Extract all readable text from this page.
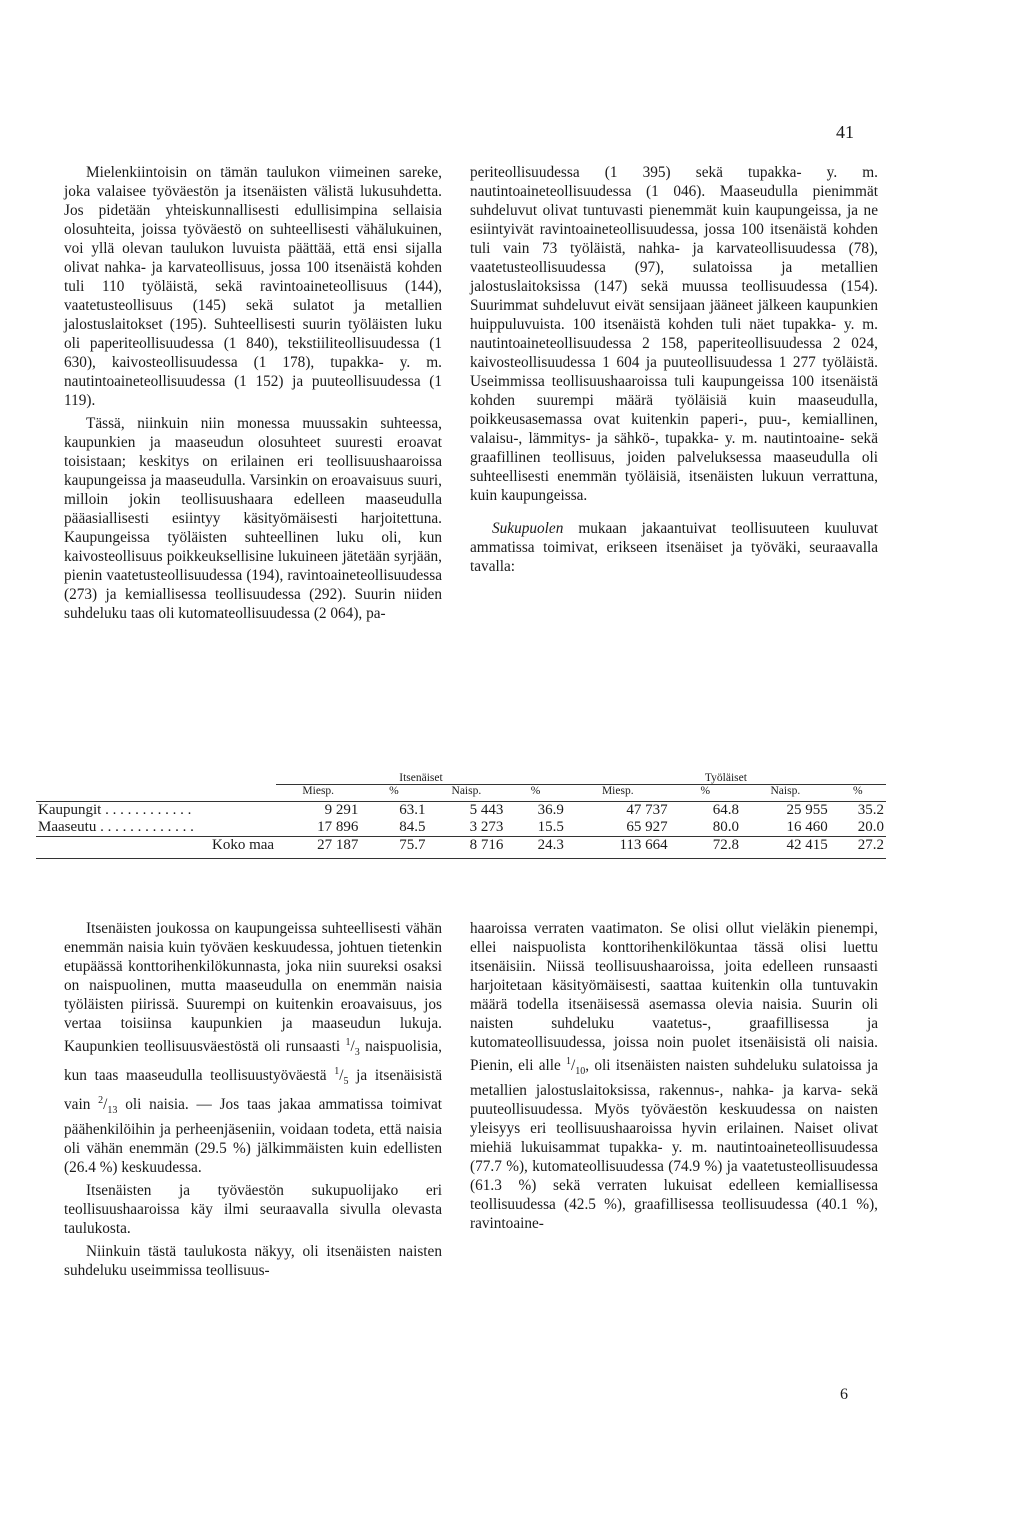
41

Mielenkiintoisin on tämän taulukon viimeinen sareke, joka valaisee työväestön ja itsenäisten välistä lukusuhdetta. Jos pidetään yhteiskunnallisesti edullisimpina sellaisia olosuhteita, joissa työväestö on suhteellisesti vähälukuinen, voi yllä olevan taulukon luvuista päättää, että ensi sijalla olivat nahka- ja karvateollisuus, jossa 100 itsenäistä kohden tuli 110 työläistä, sekä ravintoaineteollisuus (144), vaatetusteollisuus (145) sekä sulatot ja metallien jalostuslaitokset (195). Suhteellisesti suurin työläisten luku oli paperiteollisuudessa (1 840), tekstiiliteollisuudessa (1 630), kaivosteollisuudessa (1 178), tupakka- y. m. nautintoaineteollisuudessa (1 152) ja puuteollisuudessa (1 119).

Tässä, niinkuin niin monessa muussakin suhteessa, kaupunkien ja maaseudun olosuhteet suuresti eroavat toisistaan; keskitys on erilainen eri teollisuushaaroissa kaupungeissa ja maaseudulla. Varsinkin on eroavaisuus suuri, milloin jokin teollisuushaara edelleen maaseudulla pääasiallisesti esiintyy käsityömäisesti harjoitettuna. Kaupungeissa työläisten suhteellinen luku oli, kun kaivosteollisuus poikkeuksellisine lukuineen jätetään syrjään, pienin vaatetusteollisuudessa (194), ravintoaineteollisuudessa (273) ja kemiallisessa teollisuudessa (292). Suurin niiden suhdeluku taas oli kutomateollisuudessa (2 064), pa-

periteollisuudessa (1 395) sekä tupakka- y. m. nautintoaineteollisuudessa (1 046). Maaseudulla pienimmät suhdeluvut olivat tuntuvasti pienemmät kuin kaupungeissa, ja ne esiintyivät ravintoaineteollisuudessa, jossa 100 itsenäistä kohden tuli vain 73 työläistä, nahka- ja karvateollisuudessa (78), vaatetusteollisuudessa (97), sulatoissa ja metallien jalostuslaitoksissa (147) sekä muussa teollisuudessa (154). Suurimmat suhdeluvut eivät sensijaan jääneet jälkeen kaupunkien huippuluvuista. 100 itsenäistä kohden tuli näet tupakka- y. m. nautintoaineteollisuudessa 2 158, paperiteollisuudessa 2 024, kaivosteollisuudessa 1 604 ja puuteollisuudessa 1 277 työläistä. Useimmissa teollisuushaaroissa tuli kaupungeissa 100 itsenäistä kohden suurempi määrä työläisiä kuin maaseudulla, poikkeusasemassa ovat kuitenkin paperi-, puu-, kemiallinen, valaisu-, lämmitys- ja sähkö-, tupakka- y. m. nautintoaine- sekä graafillinen teollisuus, joiden palveluksessa maaseudulla oli suhteellisesti enemmän työläisiä, itsenäisten lukuun verrattuna, kuin kaupungeissa.

Sukupuolen mukaan jakaantuivat teollisuuteen kuuluvat ammatissa toimivat, erikseen itsenäiset ja työväki, seuraavalla tavalla:

	Itsenäiset				Työläiset			
	Miesp.	%	Naisp.	%	Miesp.	%	Naisp.	%

Kaupungit . . . . . . . . . . . .	9 291	63.1	5 443	36.9	47 737	64.8	25 955	35.2
Maaseutu . . . . . . . . . . . . .	17 896	84.5	3 273	15.5	65 927	80.0	16 460	20.0
Koko maa	27 187	75.7	8 716	24.3	113 664	72.8	42 415	27.2

Itsenäisten joukossa on kaupungeissa suhteellisesti vähän enemmän naisia kuin työväen keskuudessa, johtuen tietenkin etupäässä konttorihenkilökunnasta, joka niin suureksi osaksi on naispuolinen, mutta maaseudulla on enemmän naisia työläisten piirissä. Suurempi on kuitenkin eroavaisuus, jos vertaa toisiinsa kaupunkien ja maaseudun lukuja. Kaupunkien teollisuusväestöstä oli runsaasti $^1/_3$ naispuolisia, kun taas maaseudulla teollisuustyöväestä $^1/_5$ ja itsenäisistä vain $^2/_{13}$ oli naisia. — Jos taas jakaa ammatissa toimivat päähenkilöihin ja perheenjäseniin, voidaan todeta, että naisia oli vähän enemmän (29.5 %) jälkimmäisten kuin edellisten (26.4 %) keskuudessa.

Itsenäisten ja työväestön sukupuolijako eri teollisuushaaroissa käy ilmi seuraavalla sivulla olevasta taulukosta.

Niinkuin tästä taulukosta näkyy, oli itsenäisten naisten suhdeluku useimmissa teollisuus-

haaroissa verraten vaatimaton. Se olisi ollut vieläkin pienempi, ellei naispuolista konttorihenkilökuntaa tässä olisi luettu itsenäisiin. Niissä teollisuushaaroissa, joita edelleen runsaasti harjoitetaan käsityömäisesti, saattaa kuitenkin olla tuntuvakin määrä todella itsenäisessä asemassa olevia naisia. Suurin oli naisten suhdeluku vaatetus-, graafillisessa ja kutomateollisuudessa, joissa noin puolet itsenäisistä oli naisia. Pienin, eli alle $^1/_{10}$, oli itsenäisten naisten suhdeluku sulatoissa ja metallien jalostuslaitoksissa, rakennus-, nahka- ja karva- sekä puuteollisuudessa. Myös työväestön keskuudessa on naisten yleisyys eri teollisuushaaroissa hyvin erilainen. Naiset olivat miehiä lukuisammat tupakka- y. m. nautintoaineteollisuudessa (77.7 %), kutomateollisuudessa (74.9 %) ja vaatetusteollisuudessa (61.3 %) sekä verraten lukuisat edelleen kemiallisessa teollisuudessa (42.5 %), graafillisessa teollisuudessa (40.1 %), ravintoaine-

6
